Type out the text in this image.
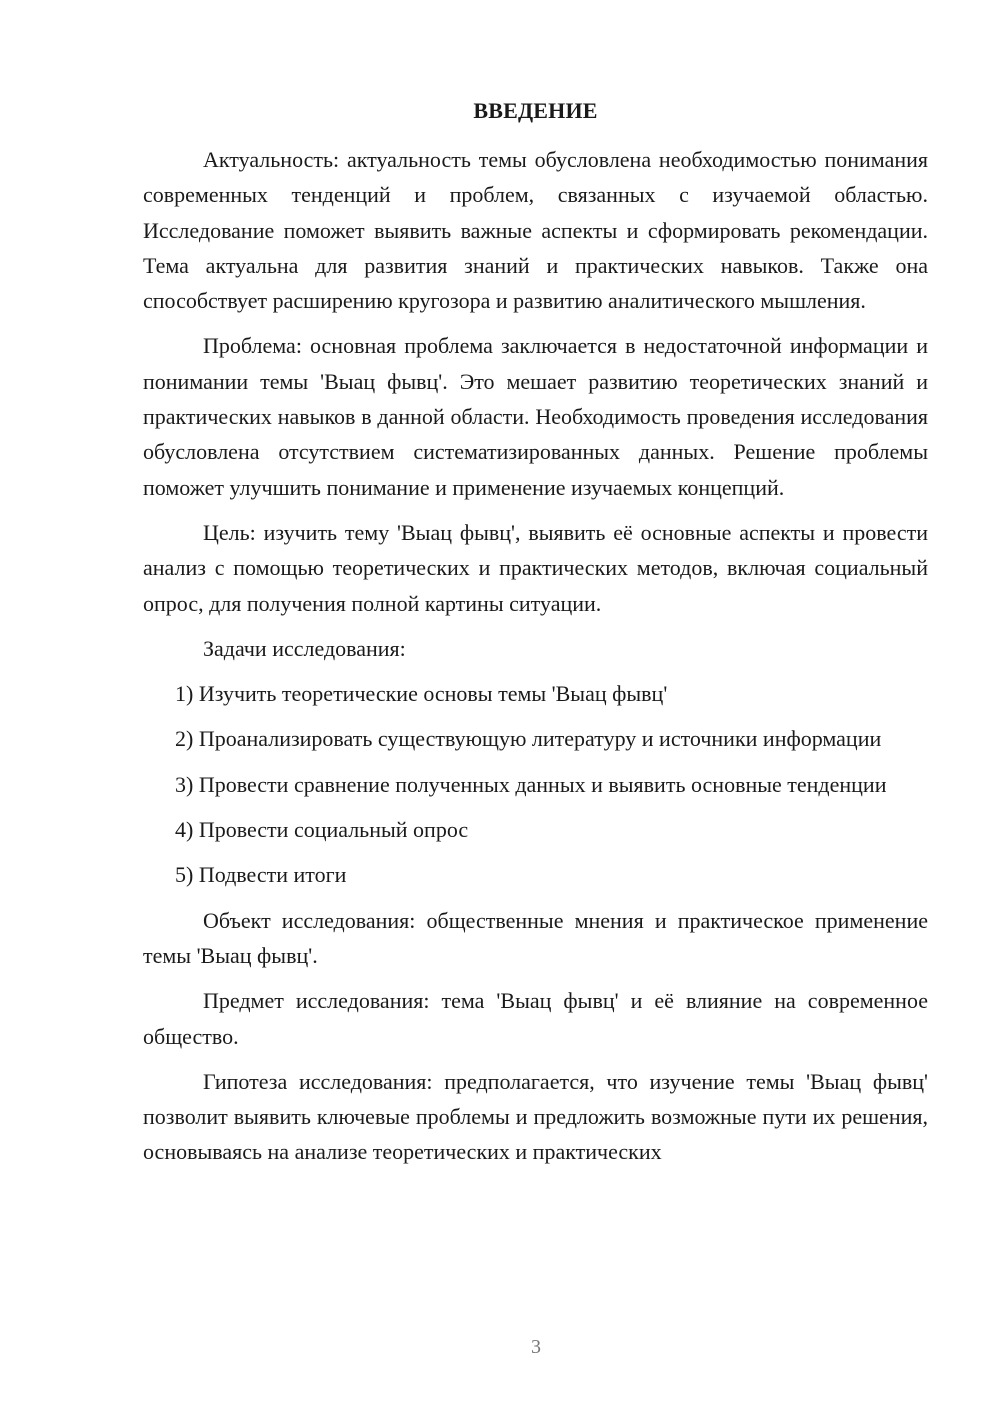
ВВЕДЕНИЕ

Актуальность: актуальность темы обусловлена необходимостью понимания современных тенденций и проблем, связанных с изучаемой областью. Исследование поможет выявить важные аспекты и сформировать рекомендации. Тема актуальна для развития знаний и практических навыков. Также она способствует расширению кругозора и развитию аналитического мышления.

Проблема: основная проблема заключается в недостаточной информации и понимании темы 'Выац фывц'. Это мешает развитию теоретических знаний и практических навыков в данной области. Необходимость проведения исследования обусловлена отсутствием систематизированных данных. Решение проблемы поможет улучшить понимание и применение изучаемых концепций.

Цель: изучить тему 'Выац фывц', выявить её основные аспекты и провести анализ с помощью теоретических и практических методов, включая социальный опрос, для получения полной картины ситуации.

Задачи исследования:

1) Изучить теоретические основы темы 'Выац фывц'

2) Проанализировать существующую литературу и источники информации

3) Провести сравнение полученных данных и выявить основные тенденции

4) Провести социальный опрос

5) Подвести итоги

Объект исследования: общественные мнения и практическое применение темы 'Выац фывц'.

Предмет исследования: тема 'Выац фывц' и её влияние на современное общество.

Гипотеза исследования: предполагается, что изучение темы 'Выац фывц' позволит выявить ключевые проблемы и предложить возможные пути их решения, основываясь на анализе теоретических и практических

3
